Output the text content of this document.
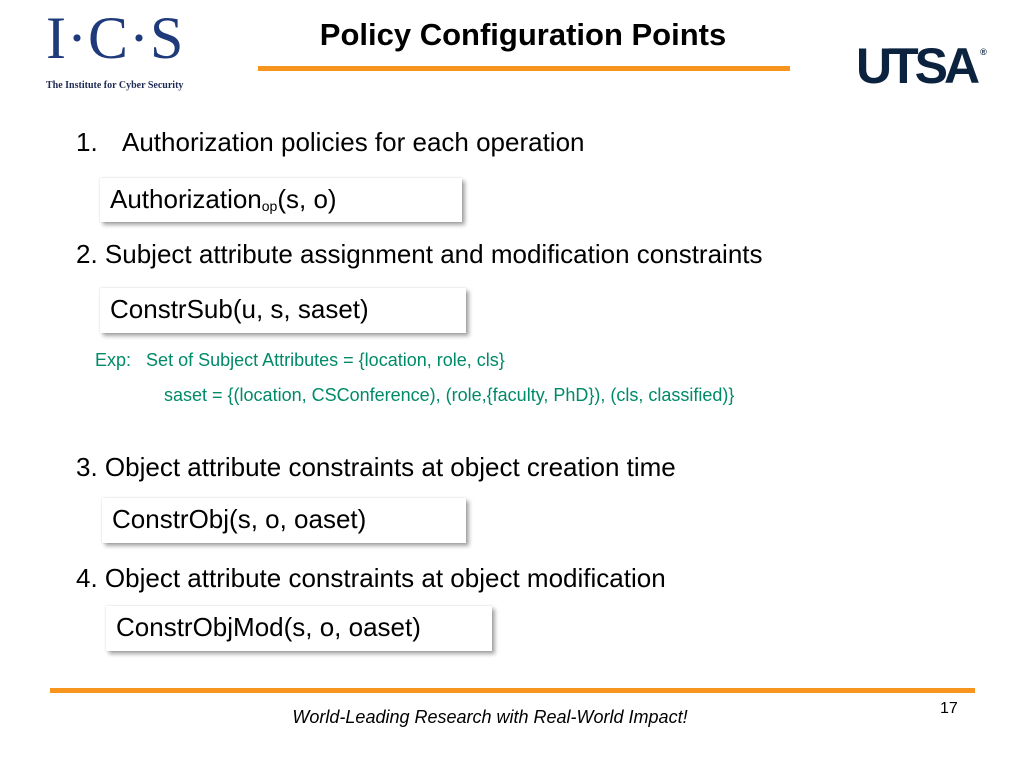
I·C·S
The Institute for Cyber Security
Policy Configuration Points
UTSA ®
1. Authorization policies for each operation
Authorization$_{op}$(s, o)
2. Subject attribute assignment and modification constraints
ConstrSub(u, s, saset)
Exp: Set of Subject Attributes = {location, role, cls}
saset = {(location, CSConference), (role,{faculty, PhD}), (cls, classified)}
3. Object attribute constraints at object creation time
ConstrObj(s, o, oaset)
4. Object attribute constraints at object modification
ConstrObjMod(s, o, oaset)
World-Leading Research with Real-World Impact!	17
